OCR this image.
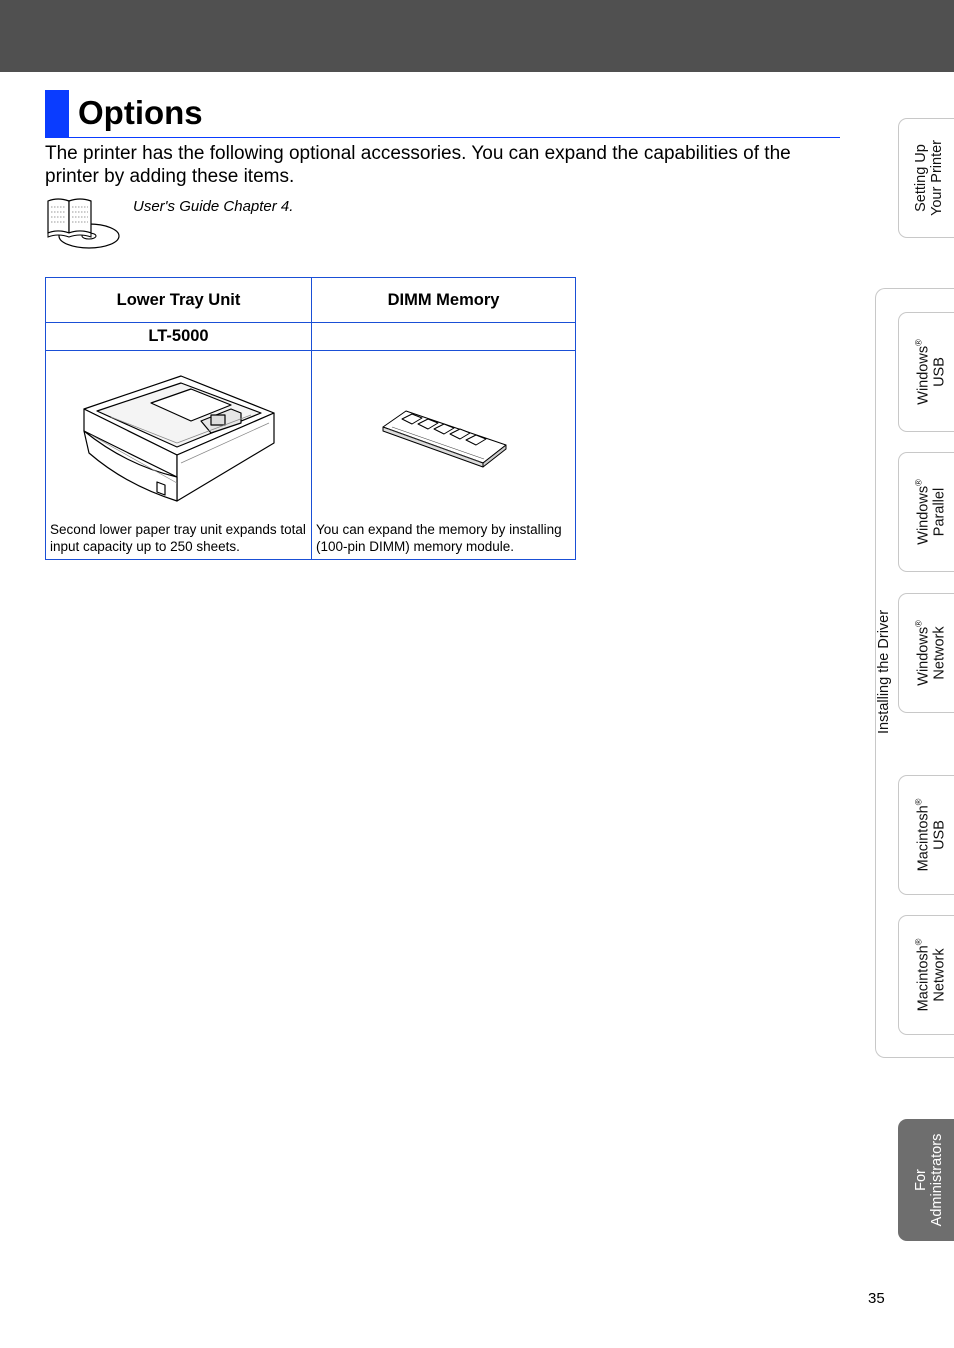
Options
The printer has the following optional accessories. You can expand the capabilities of the printer by adding these items.
User's Guide Chapter 4.
Lower Tray Unit	DIMM Memory
LT-5000	

Second lower paper tray unit expands total input capacity up to 250 sheets.	You can expand the memory by installing (100-pin DIMM) memory module.
Setting Up Your Printer
Installing the Driver
Windows®
USB
Windows®
Parallel
Windows®
Network
Macintosh®
USB
Macintosh®
Network
For Administrators
35
